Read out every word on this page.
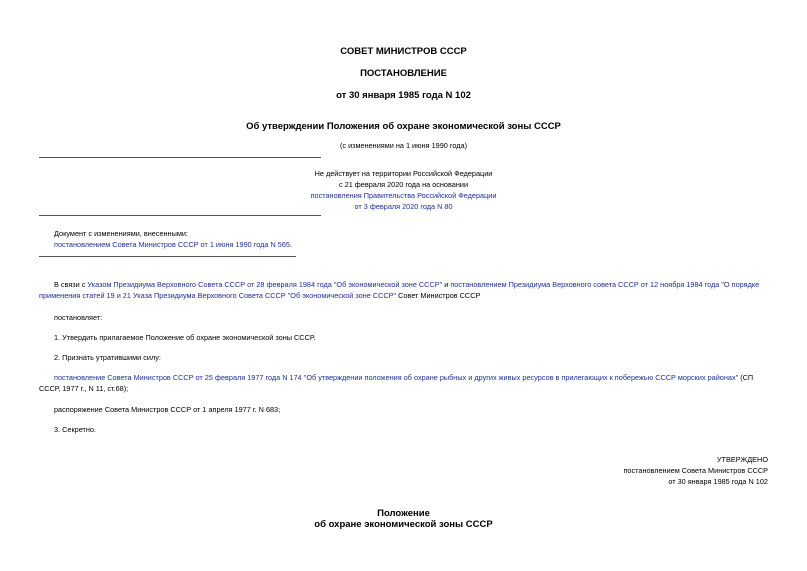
СОВЕТ МИНИСТРОВ СССР
ПОСТАНОВЛЕНИЕ
от 30 января 1985 года N 102
Об утверждении Положения об охране экономической зоны СССР
(с изменениями на 1 июня 1990 года)
Не действует на территории Российской Федерации
с 21 февраля 2020 года на основании
постановления Правительства Российской Федерации
от 3 февраля 2020 года N 80
Документ с изменениями, внесенными:
постановлением Совета Министров СССР от 1 июня 1990 года N 565.
В связи с Указом Президиума Верховного Совета СССР от 28 февраля 1984 года "Об экономической зоне СССР" и постановлением Президиума Верховного совета СССР от 12 ноября 1984 года "О порядке применения статей 19 и 21 Указа Президиума Верховного Совета СССР "Об экономической зоне СССР" Совет Министров СССР
постановляет:
1. Утвердить прилагаемое Положение об охране экономической зоны СССР.
2. Признать утратившими силу:
постановление Совета Министров СССР от 25 февраля 1977 года N 174 "Об утверждении положения об охране рыбных и других живых ресурсов в прилегающих к побережью СССР морских районах" (СП СССР, 1977 г., N 11, ст.68);
распоряжение Совета Министров СССР от 1 апреля 1977 г. N 683;
3. Секретно.
УТВЕРЖДЕНО
постановлением Совета Министров СССР
от 30 января 1985 года N 102
Положение
об охране экономической зоны СССР
